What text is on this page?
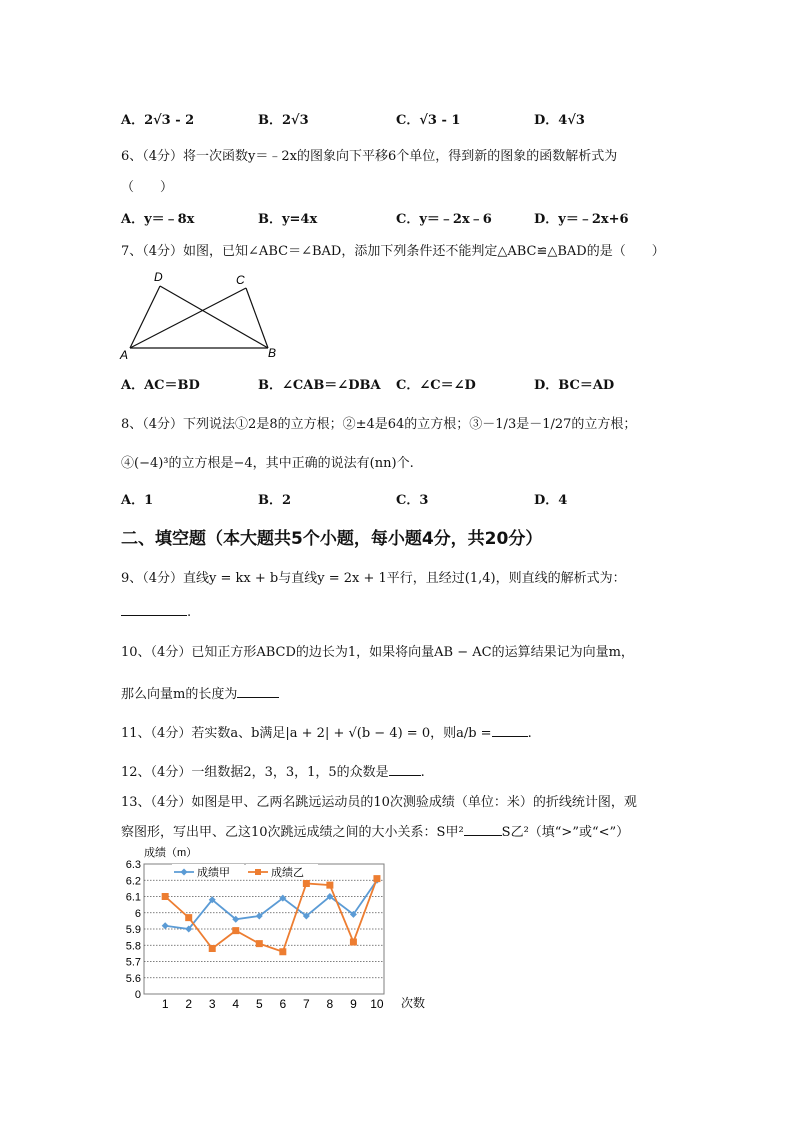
A．2√3 ‑ 2	B．2√3	C．√3 ‑ 1	D．4√3
6、（4分）将一次函数y＝﹣2x的图象向下平移6个单位，得到新的图象的函数解析式为
（　　）
A．y＝﹣8x	B．y=4x	C．y＝﹣2x﹣6	D．y＝﹣2x+6
7、（4分）如图，已知∠ABC＝∠BAD，添加下列条件还不能判定△ABC≌△BAD的是（　　）
D	C
A	B
A．AC＝BD	B．∠CAB＝∠DBA C．∠C＝∠D	D．BC＝AD
8、（4分）下列说法①2是8的立方根；②±4是64的立方根；③－1/3是－1/27的立方根；
④(−4)³的立方根是−4，其中正确的说法有(nn)个.
A．1	B．2	C．3	D．4
二、填空题（本大题共5个小题，每小题4分，共20分）
9、（4分）直线y = kx + b与直线y = 2x + 1平行，且经过(1,4)，则直线的解析式为：
.
10、（4分）已知正方形ABCD的边长为1，如果将向量AB − AC的运算结果记为向量m，
那么向量m的长度为
11、（4分）若实数a、b满足|a + 2| + √(b − 4) = 0，则a/b =	.
12、（4分）一组数据2，3，3，1，5的众数是 .
13、（4分）如图是甲、乙两名跳远运动员的10次测验成绩（单位：米）的折线统计图，观
察图形，写出甲、乙这10次跳远成绩之间的大小关系：S甲²	S乙²（填“>”或“<”）
成绩（m）
0
5.6
5.7
5.8
5.9
6
6.1
6.2
6.3
1 2 3 4 5 6 7 8 9 10
成绩甲	成绩乙
次数
